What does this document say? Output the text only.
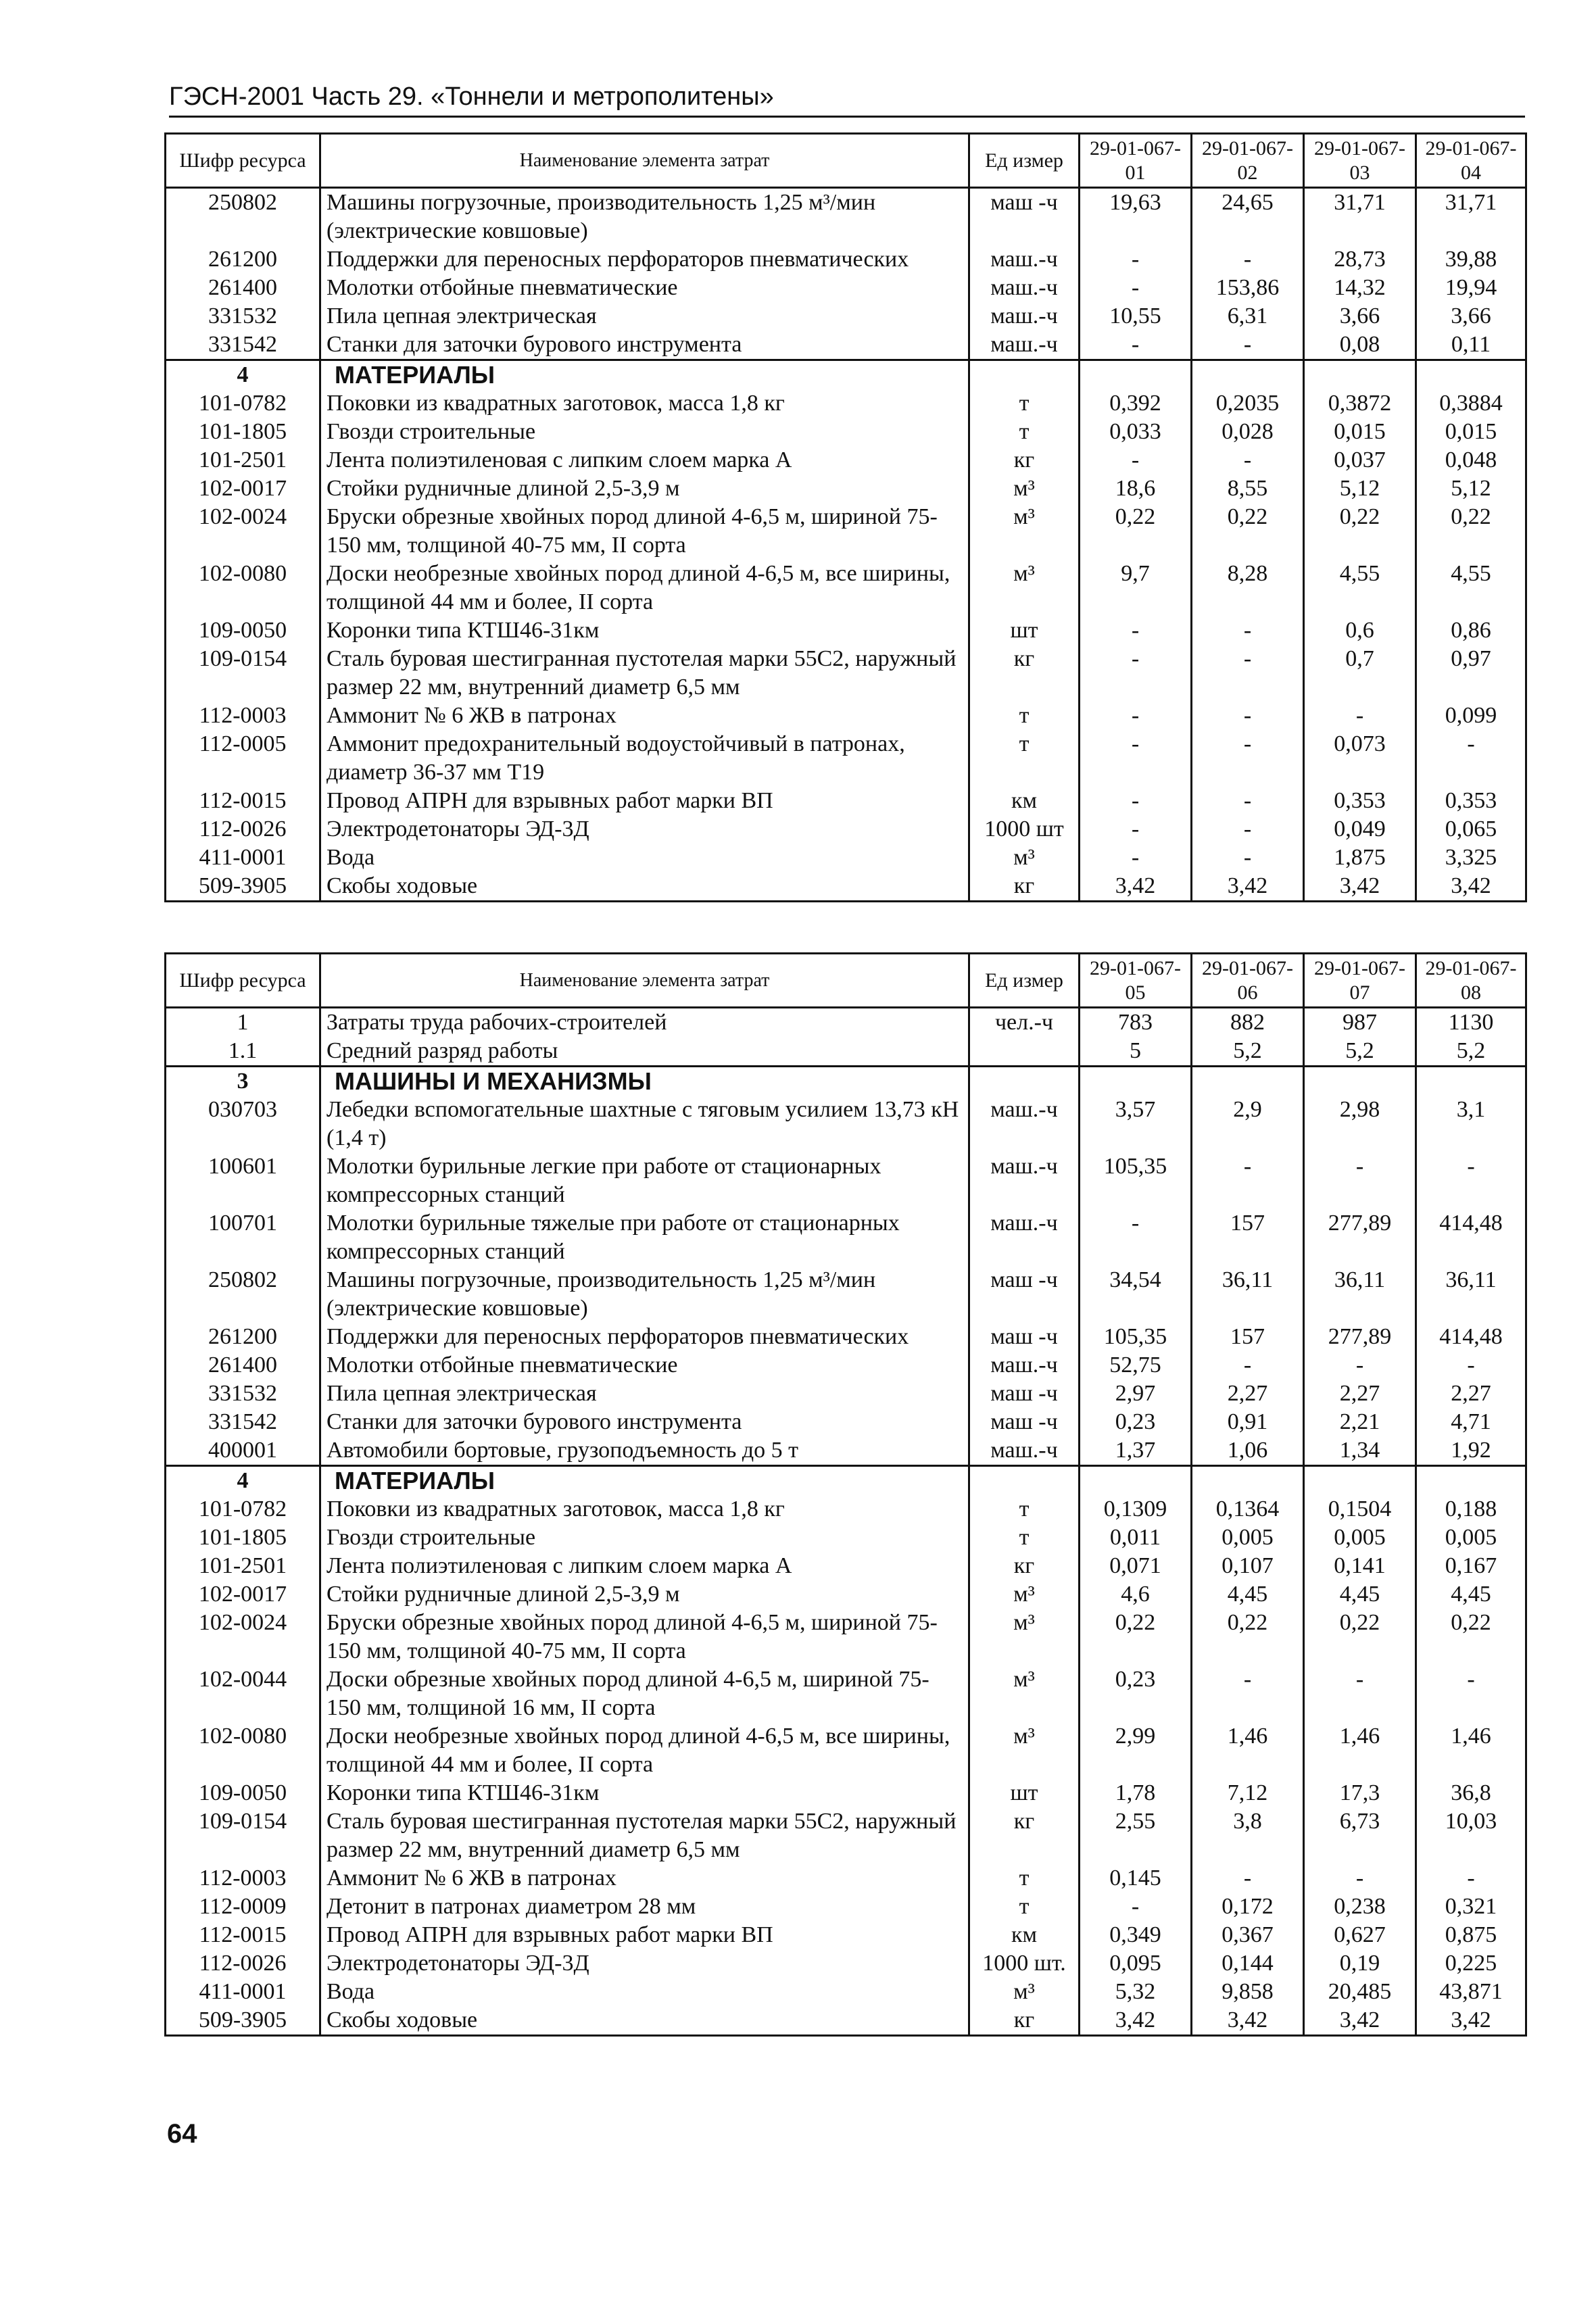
ГЭСН-2001 Часть 29. «Тоннели и метрополитены»
Шифр ресурса	Наименование элемента затрат	Ед измер	29-01-067-01	29-01-067-02	29-01-067-03	29-01-067-04
250802	Машины погрузочные, производительность 1,25 м³/мин (электрические ковшовые)	маш -ч	19,63	24,65	31,71	31,71
261200	Поддержки для переносных перфораторов пневматических	маш.-ч	-	-	28,73	39,88
261400	Молотки отбойные пневматические	маш.-ч	-	153,86	14,32	19,94
331532	Пила цепная электрическая	маш.-ч	10,55	6,31	3,66	3,66
331542	Станки для заточки бурового инструмента	маш.-ч	-	-	0,08	0,11
4	МАТЕРИАЛЫ					
101-0782	Поковки из квадратных заготовок, масса 1,8 кг	т	0,392	0,2035	0,3872	0,3884
101-1805	Гвозди строительные	т	0,033	0,028	0,015	0,015
101-2501	Лента полиэтиленовая с липким слоем марка А	кг	-	-	0,037	0,048
102-0017	Стойки рудничные длиной 2,5-3,9 м	м³	18,6	8,55	5,12	5,12
102-0024	Бруски обрезные хвойных пород длиной 4-6,5 м, шириной 75-150 мм, толщиной 40-75 мм, II сорта	м³	0,22	0,22	0,22	0,22
102-0080	Доски необрезные хвойных пород длиной 4-6,5 м, все ширины, толщиной 44 мм и более, II сорта	м³	9,7	8,28	4,55	4,55
109-0050	Коронки типа КТШ46-31км	шт	-	-	0,6	0,86
109-0154	Сталь буровая шестигранная пустотелая марки 55С2, наружный размер 22 мм, внутренний диаметр 6,5 мм	кг	-	-	0,7	0,97
112-0003	Аммонит № 6 ЖВ в патронах	т	-	-	-	0,099
112-0005	Аммонит предохранительный водоустойчивый в патронах, диаметр 36-37 мм Т19	т	-	-	0,073	-
112-0015	Провод АПРН для взрывных работ марки ВП	км	-	-	0,353	0,353
112-0026	Электродетонаторы ЭД-3Д	1000 шт	-	-	0,049	0,065
411-0001	Вода	м³	-	-	1,875	3,325
509-3905	Скобы ходовые	кг	3,42	3,42	3,42	3,42
Шифр ресурса	Наименование элемента затрат	Ед измер	29-01-067-05	29-01-067-06	29-01-067-07	29-01-067-08
1	Затраты труда рабочих-строителей	чел.-ч	783	882	987	1130
1.1	Средний разряд работы		5	5,2	5,2	5,2
3	МАШИНЫ И МЕХАНИЗМЫ					
030703	Лебедки вспомогательные шахтные с тяговым усилием 13,73 кН (1,4 т)	маш.-ч	3,57	2,9	2,98	3,1
100601	Молотки бурильные легкие при работе от стационарных компрессорных станций	маш.-ч	105,35	-	-	-
100701	Молотки бурильные тяжелые при работе от стационарных компрессорных станций	маш.-ч	-	157	277,89	414,48
250802	Машины погрузочные, производительность 1,25 м³/мин (электрические ковшовые)	маш -ч	34,54	36,11	36,11	36,11
261200	Поддержки для переносных перфораторов пневматических	маш -ч	105,35	157	277,89	414,48
261400	Молотки отбойные пневматические	маш.-ч	52,75	-	-	-
331532	Пила цепная электрическая	маш -ч	2,97	2,27	2,27	2,27
331542	Станки для заточки бурового инструмента	маш -ч	0,23	0,91	2,21	4,71
400001	Автомобили бортовые, грузоподъемность до 5 т	маш.-ч	1,37	1,06	1,34	1,92
4	МАТЕРИАЛЫ					
101-0782	Поковки из квадратных заготовок, масса 1,8 кг	т	0,1309	0,1364	0,1504	0,188
101-1805	Гвозди строительные	т	0,011	0,005	0,005	0,005
101-2501	Лента полиэтиленовая с липким слоем марка А	кг	0,071	0,107	0,141	0,167
102-0017	Стойки рудничные длиной 2,5-3,9 м	м³	4,6	4,45	4,45	4,45
102-0024	Бруски обрезные хвойных пород длиной 4-6,5 м, шириной 75-150 мм, толщиной 40-75 мм, II сорта	м³	0,22	0,22	0,22	0,22
102-0044	Доски обрезные хвойных пород длиной 4-6,5 м, шириной 75-150 мм, толщиной 16 мм, II сорта	м³	0,23	-	-	-
102-0080	Доски необрезные хвойных пород длиной 4-6,5 м, все ширины, толщиной 44 мм и более, II сорта	м³	2,99	1,46	1,46	1,46
109-0050	Коронки типа КТШ46-31км	шт	1,78	7,12	17,3	36,8
109-0154	Сталь буровая шестигранная пустотелая марки 55С2, наружный размер 22 мм, внутренний диаметр 6,5 мм	кг	2,55	3,8	6,73	10,03
112-0003	Аммонит № 6 ЖВ в патронах	т	0,145	-	-	-
112-0009	Детонит в патронах диаметром 28 мм	т	-	0,172	0,238	0,321
112-0015	Провод АПРН для взрывных работ марки ВП	км	0,349	0,367	0,627	0,875
112-0026	Электродетонаторы ЭД-3Д	1000 шт.	0,095	0,144	0,19	0,225
411-0001	Вода	м³	5,32	9,858	20,485	43,871
509-3905	Скобы ходовые	кг	3,42	3,42	3,42	3,42
64
